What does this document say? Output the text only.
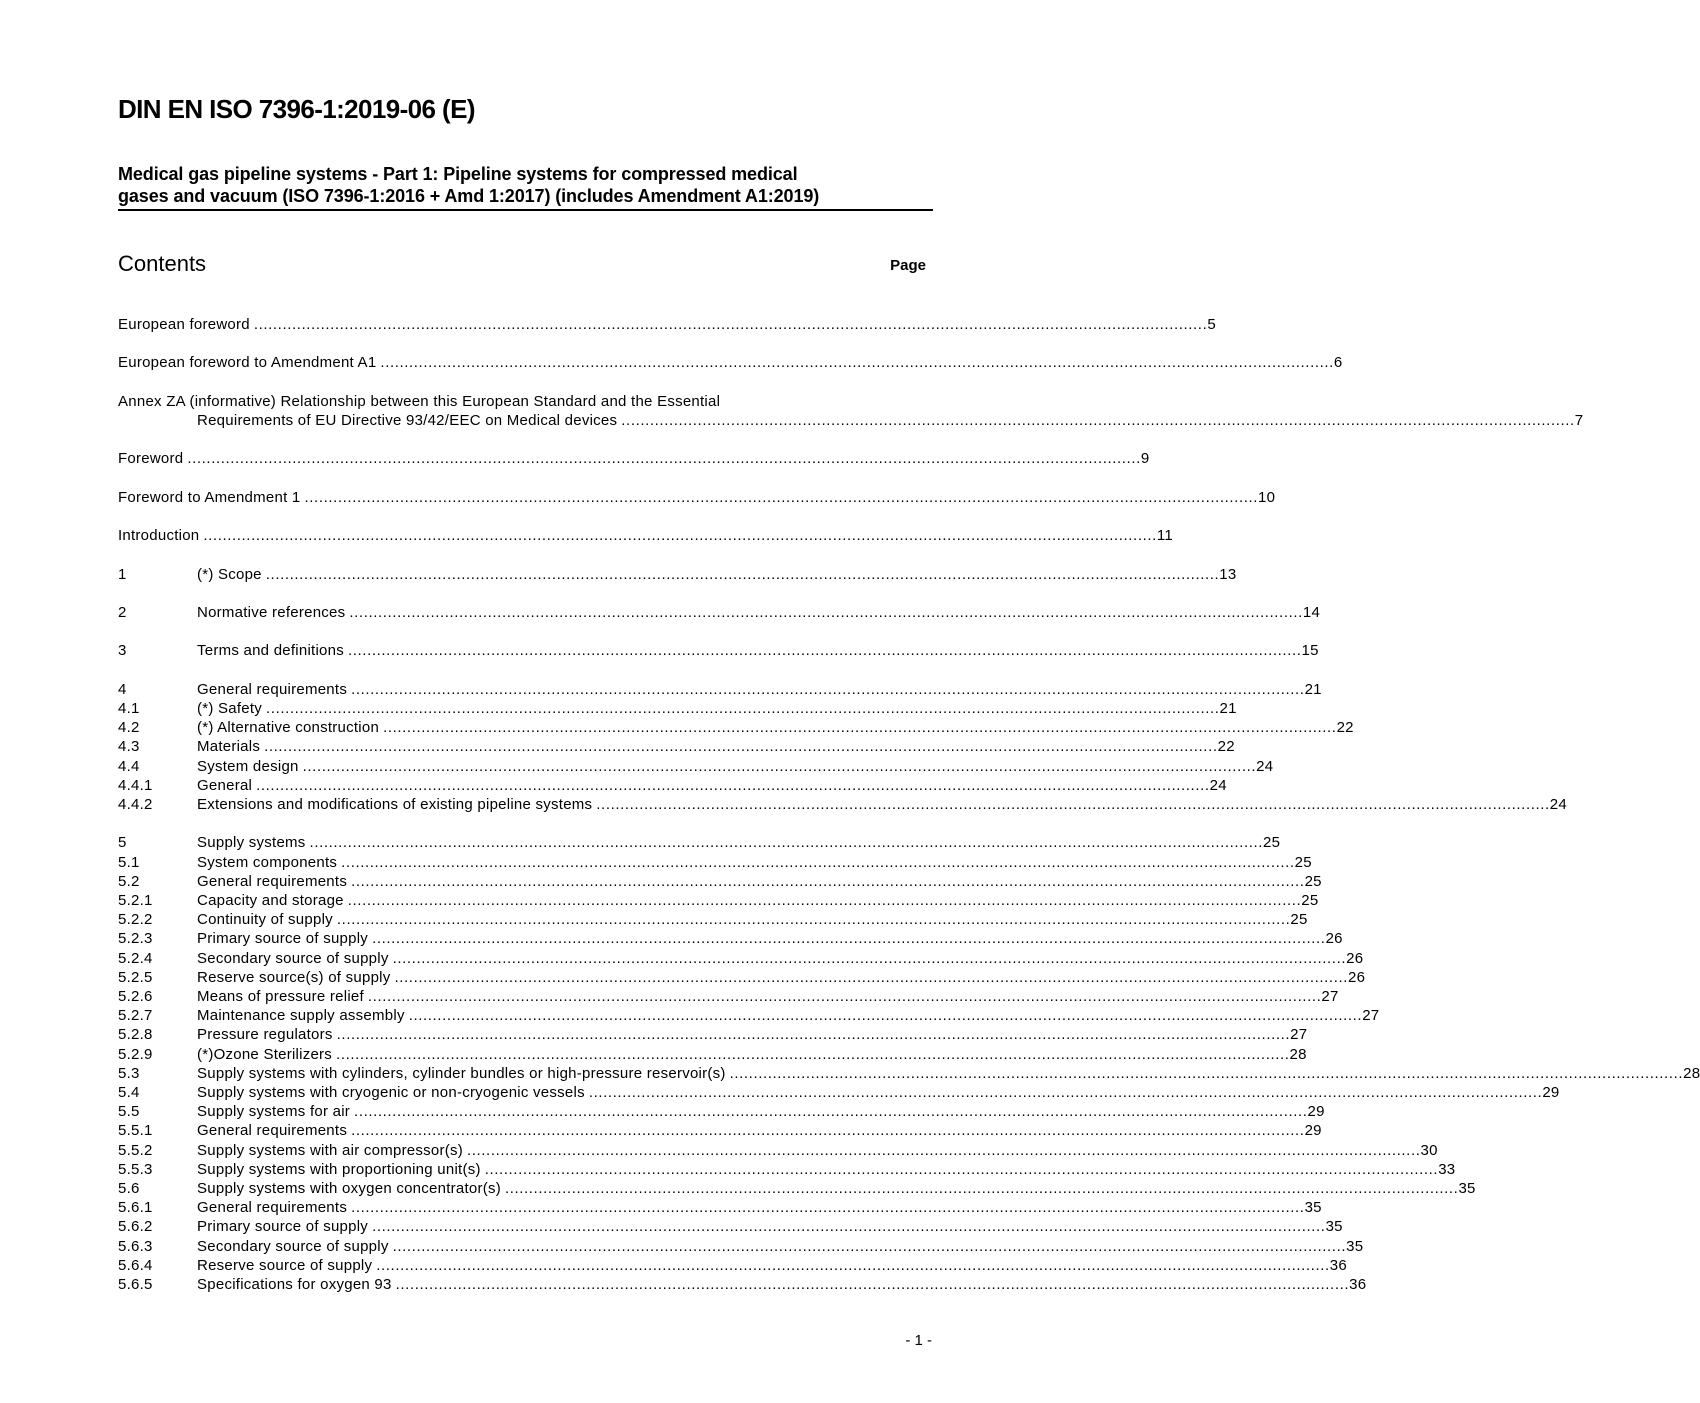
DIN EN ISO 7396-1:2019-06 (E)
Medical gas pipeline systems - Part 1: Pipeline systems for compressed medical
gases and vacuum (ISO 7396-1:2016 + Amd 1:2017) (includes Amendment A1:2019)
Contents	Page
European foreword ........................................................................................................................................................................................................ 5
European foreword to Amendment A1 ........................................................................................................................................................................................................ 6
Annex ZA (informative) Relationship between this European Standard and the Essential
Requirements of EU Directive 93/42/EEC on Medical devices ........................................................................................................................................................................................................ 7
Foreword ........................................................................................................................................................................................................ 9
Foreword to Amendment 1 ........................................................................................................................................................................................................ 10
Introduction ........................................................................................................................................................................................................ 11
1	(*) Scope ........................................................................................................................................................................................................ 13
2	Normative references ........................................................................................................................................................................................................ 14
3	Terms and definitions ........................................................................................................................................................................................................ 15
4	General requirements ........................................................................................................................................................................................................ 21
4.1	(*) Safety ........................................................................................................................................................................................................ 21
4.2	(*) Alternative construction ........................................................................................................................................................................................................ 22
4.3	Materials ........................................................................................................................................................................................................ 22
4.4	System design ........................................................................................................................................................................................................ 24
4.4.1	General ........................................................................................................................................................................................................ 24
4.4.2	Extensions and modifications of existing pipeline systems ........................................................................................................................................................................................................ 24
5	Supply systems ........................................................................................................................................................................................................ 25
5.1	System components ........................................................................................................................................................................................................ 25
5.2	General requirements ........................................................................................................................................................................................................ 25
5.2.1	Capacity and storage ........................................................................................................................................................................................................ 25
5.2.2	Continuity of supply ........................................................................................................................................................................................................ 25
5.2.3	Primary source of supply ........................................................................................................................................................................................................ 26
5.2.4	Secondary source of supply ........................................................................................................................................................................................................ 26
5.2.5	Reserve source(s) of supply ........................................................................................................................................................................................................ 26
5.2.6	Means of pressure relief ........................................................................................................................................................................................................ 27
5.2.7	Maintenance supply assembly ........................................................................................................................................................................................................ 27
5.2.8	Pressure regulators ........................................................................................................................................................................................................ 27
5.2.9	(*)Ozone Sterilizers ........................................................................................................................................................................................................ 28
5.3	Supply systems with cylinders, cylinder bundles or high-pressure reservoir(s) ........................................................................................................................................................................................................ 28
5.4	Supply systems with cryogenic or non-cryogenic vessels ........................................................................................................................................................................................................ 29
5.5	Supply systems for air ........................................................................................................................................................................................................ 29
5.5.1	General requirements ........................................................................................................................................................................................................ 29
5.5.2	Supply systems with air compressor(s) ........................................................................................................................................................................................................ 30
5.5.3	Supply systems with proportioning unit(s) ........................................................................................................................................................................................................ 33
5.6	Supply systems with oxygen concentrator(s) ........................................................................................................................................................................................................ 35
5.6.1	General requirements ........................................................................................................................................................................................................ 35
5.6.2	Primary source of supply ........................................................................................................................................................................................................ 35
5.6.3	Secondary source of supply ........................................................................................................................................................................................................ 35
5.6.4	Reserve source of supply ........................................................................................................................................................................................................ 36
5.6.5	Specifications for oxygen 93 ........................................................................................................................................................................................................ 36
- 1 -
